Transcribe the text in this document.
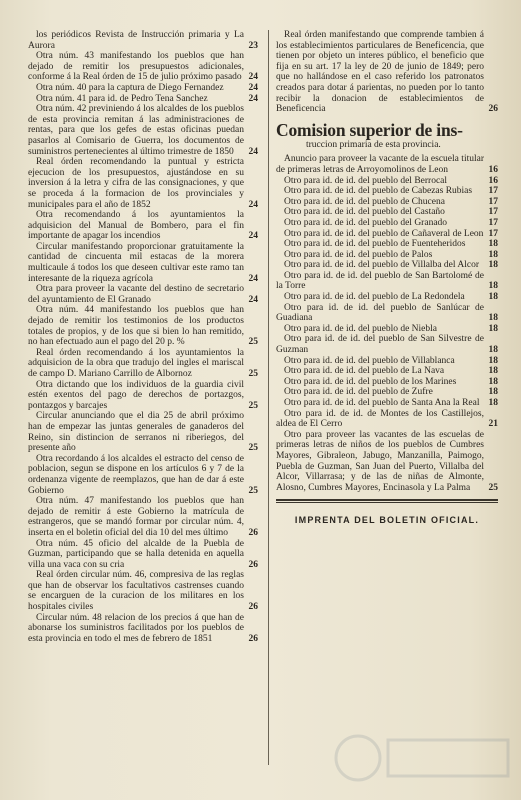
los periódicos Revista de Instrucción primaria y La Aurora	23
Otra núm. 43 manifestando los pueblos que han dejado de remitir los presupuestos adicionales, conforme á la Real órden de 15 de julio próximo pasado 24
Otra núm. 40 para la captura de Diego Fernandez	24
Otra núm. 41 para id. de Pedro Tena Sanchez	24
Otra núm. 42 previniendo á los alcaldes de los pueblos de esta provincia remitan á las administraciones de rentas, para que los gefes de estas oficinas puedan pasarlos al Comisario de Guerra, los documentos de suministros pertenecientes al último trimestre de 1850	24
Real órden recomendando la puntual y estricta ejecucion de los presupuestos, ajustándose en su inversion á la letra y cifra de las consignaciones, y que se proceda á la formacion de los provinciales y municipales para el año de 1852	24
Otra recomendando á los ayuntamientos la adquisicion del Manual de Bombero, para el fin importante de apagar los incendios	24
Circular manifestando proporcionar gratuitamente la cantidad de cincuenta mil estacas de la morera multicaule á todos los que deseen cultivar este ramo tan interesante de la riqueza agrícola	24
Otra para proveer la vacante del destino de secretario del ayuntamiento de El Granado	24
Otra núm. 44 manifestando los pueblos que han dejado de remitir los testimonios de los productos totales de propios, y de los que si bien lo han remitido, no han efectuado aun el pago del 20 p. %	25
Real órden recomendando á los ayuntamientos la adquisicion de la obra que tradujo del ingles el mariscal de campo D. Mariano Carrillo de Albornoz	25
Otra dictando que los individuos de la guardia civil estén exentos del pago de derechos de portazgos, pontazgos y barcajes	25
Circular anunciando que el dia 25 de abril próximo han de empezar las juntas generales de ganaderos del Reino, sin distincion de serranos ni riberiegos, del presente año	25
Otra recordando á los alcaldes el estracto del censo de poblacion, segun se dispone en los artículos 6 y 7 de la ordenanza vigente de reemplazos, que han de dar á este Gobierno	25
Otra núm. 47 manifestando los pueblos que han dejado de remitir á este Gobierno la matrícula de estrangeros, que se mandó formar por circular núm. 4, inserta en el boletin oficial del dia 10 del mes último	26
Otra núm. 45 oficio del alcalde de la Puebla de Guzman, participando que se halla detenida en aquella villa una vaca con su cria	26
Real órden circular núm. 46, compresiva de las reglas que han de observar los facultativos castrenses cuando se encarguen de la curacion de los militares en los hospitales civiles	26
Circular núm. 48 relacion de los precios á que han de abonarse los suministros facilitados por los pueblos de esta provincia en todo el mes de febrero de 1851	26
Real órden manifestando que comprende tambien á los establecimientos particulares de Beneficencia, que tienen por objeto un interes público, el beneficio que fija en su art. 17 la ley de 20 de junio de 1849; pero que no hallándose en el caso referido los patronatos creados para dotar á parientas, no pueden por lo tanto recibir la donacion de establecimientos de Beneficencia	26
Comision superior de ins-
truccion primaria de esta provincia.
Anuncio para proveer la vacante de la escuela titular de primeras letras de Arroyomolinos de Leon	16
Otro para id. de id. del pueblo del Berrocal	16
Otro para id. de id. del pueblo de Cabezas Rubias	17
Otro para id. de id. del pueblo de Chucena	17
Otro para id. de id. del pueblo del Castaño	17
Otro para id. de id. del pueblo del Granado	17
Otro para id. de id. del pueblo de Cañaveral de Leon 17
Otro para id. de id. del pueblo de Fuenteheridos	18
Otro para id. de id. del pueblo de Palos	18
Otro para id. de id. del pueblo de Villalba del Alcor 18
Otro para id. de id. del pueblo de San Bartolomé de la Torre	18
Otro para id. de id. del pueblo de La Redondela	18
Otro para id. de id. del pueblo de Sanlúcar de Guadiana	18
Otro para id. de id. del pueblo de Niebla	18
Otro para id. de id. del pueblo de San Silvestre de Guzman	18
Otro para id. de id. del pueblo de Villablanca	18
Otro para id. de id. del pueblo de La Nava	18
Otro para id. de id. del pueblo de los Marines	18
Otro para id. de id. del pueblo de Zufre	18
Otro para id. de id. del pueblo de Santa Ana la Real 18
Otro para id. de id. de Montes de los Castillejos, aldea de El Cerro	21
Otro para proveer las vacantes de las escuelas de primeras letras de niños de los pueblos de Cumbres Mayores, Gibraleon, Jabugo, Manzanilla, Paimogo, Puebla de Guzman, San Juan del Puerto, Villalba del Alcor, Villarrasa; y de las de niñas de Almonte, Alosno, Cumbres Mayores, Encinasola y La Palma	25
IMPRENTA DEL BOLETIN OFICIAL.
